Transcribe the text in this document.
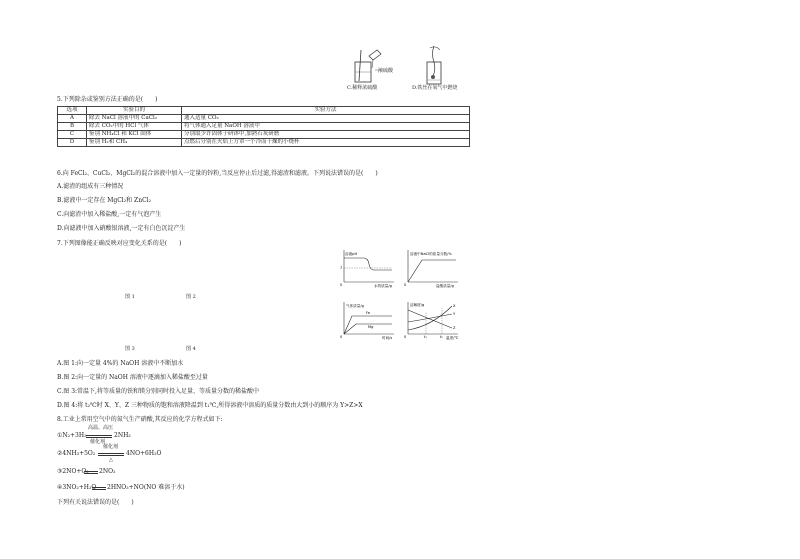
浓硫酸
C.稀释浓硫酸	D.铁丝在氧气中燃烧
5.下列除杂或鉴别方法正确的是(　　)
选项	实验目的	实验方法
A	除去 NaCl 溶液中的 CaCl₂	通入适量 CO₂
B	除去 CO₂中的 HCl 气体	将气体通入足量 NaOH 溶液中
C	鉴别 NH₄Cl 和 KCl 固体	分别取少许固体于研钵中,加熟石灰研磨
D	鉴别 H₂和 CH₄	点燃后分别在火焰上方罩一个冷而干燥的小烧杯
6.向 FeCl₂、CuCl₂、MgCl₂的混合溶液中加入一定量的锌粉,当反应停止后过滤,得滤渣和滤液。下列说法错误的是(　　)
A.滤渣的组成有三种情况
B.滤液中一定存在 MgCl₂和 ZnCl₂
C.向滤渣中加入稀盐酸,一定有气泡产生
D.向滤液中加入硝酸银溶液,一定有白色沉淀产生
7.下列图像能正确反映对应变化关系的是(　　)
溶液pH
7
0	水的质量/g
溶液中NaCl的质量分数/%
0	盐酸质量/g
图 1	图 2
气体质量/g
Fe
Mg
0	时间/s
溶解度/g	X
Y
Z
t₁	t₂
0	温度/℃
图 3	图 4
A.图 1:向一定量 4%的 NaOH 溶液中不断加水
B.图 2:向一定量的 NaOH 溶液中逐滴加入稀盐酸至过量
C.图 3:常温下,将等质量的铁和镁分别同时投入足量、等质量分数的稀盐酸中
D.图 4:将 t₂℃时 X、Y、Z 三种物质的饱和溶液降温到 t₁℃,所得溶液中溶质的质量分数由大到小的顺序为 Y>Z>X
8.工业上常用空气中的氮气生产硝酸,其反应的化学方程式如下:
①N₂+3H₂
高温、高压
催化剂
2NH₃
②4NH₃+5O₂
催化剂
△
4NO+6H₂O
③2NO+O₂ 2NO₂
④3NO₂+H₂O 2HNO₃+NO(NO 难溶于水)
下列有关说法错误的是(　　)
